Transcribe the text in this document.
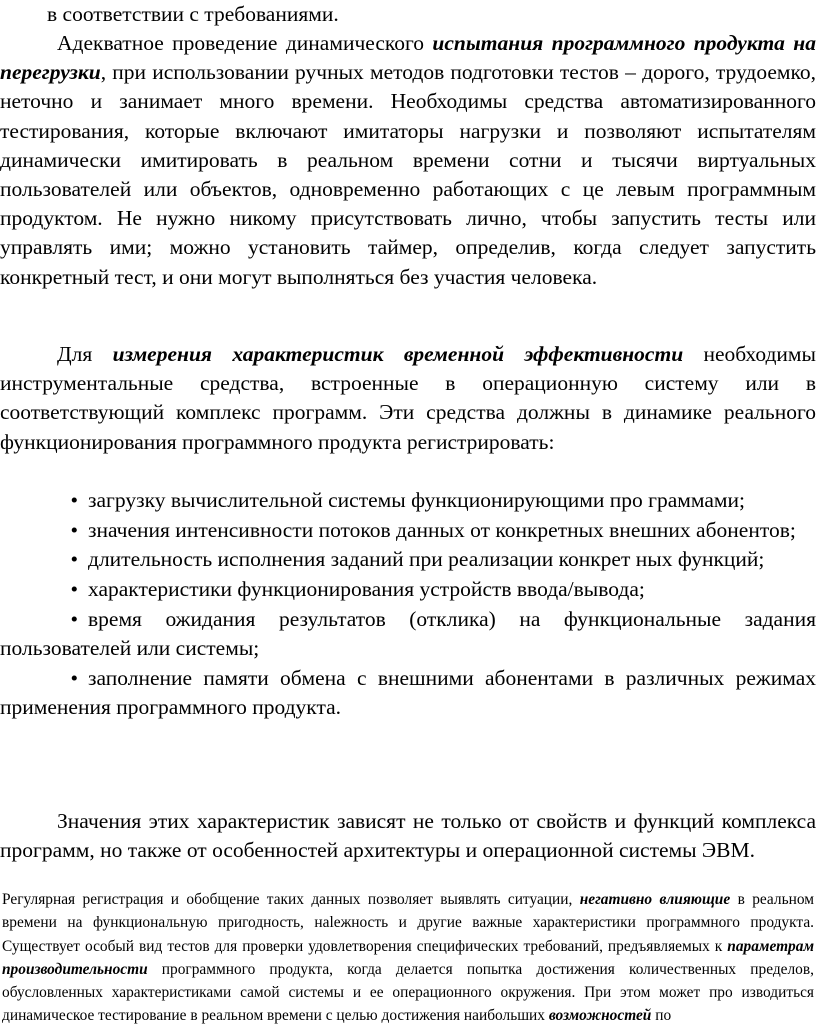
в соответствии с требованиями.

Адекватное проведение динамического испытания программного продукта на перегрузки, при использовании ручных методов подготовки тестов – дорого, трудоемко, неточно и занимает много времени. Необходимы средства автоматизированного тестирования, которые включают имитаторы нагрузки и позволяют испытателям динамически имитировать в реальном времени сотни и тысячи виртуальных пользователей или объектов, одновременно работающих с це левым программным продуктом. Не нужно никому присутствовать лично, чтобы запустить тесты или управлять ими; можно установить таймер, определив, когда следует запустить конкретный тест, и они могут выполняться без участия человека.

Для измерения характеристик временной эффективности необходимы инструментальные средства, встроенные в операционную систему или в соответствующий комплекс программ. Эти средства должны в динамике реального функционирования программного продукта регистрировать:

• загрузку вычислительной системы функционирующими про граммами;
• значения интенсивности потоков данных от конкретных внешних абонентов;
• длительность исполнения заданий при реализации конкрет ных функций;
• характеристики функционирования устройств ввода/вывода;
• время ожидания результатов (отклика) на функциональные задания пользователей или системы;
• заполнение памяти обмена с внешними абонентами в различных режимах применения программного продукта.

Значения этих характеристик зависят не только от свойств и функций комплекса программ, но также от особенностей архитектуры и операционной системы ЭВМ.

Регулярная регистрация и обобщение таких данных позволяет выявлять ситуации, негативно влияющие в реальном времени на функциональную пригодность, наlежность и другие важные характеристики программного продукта. Существует особый вид тестов для проверки удовлетворения специфических требований, предъявляемых к параметрам производительности программного продукта, когда делается попытка достижения количественных пределов, обусловленных характеристиками самой системы и ее операционного окружения. При этом может про изводиться динамическое тестирование в реальном времени с целью достижения наибольших возможностей по
